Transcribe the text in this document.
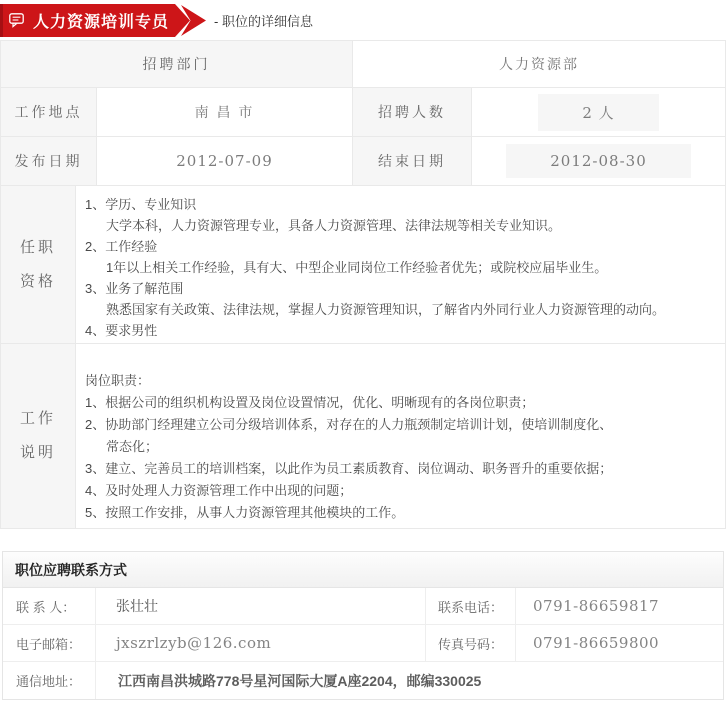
人力资源培训专员	- 职位的详细信息
招聘部门	人力资源部
工作地点	南 昌 市	招聘人数	2 人
发布日期	2012-07-09	结束日期	2012-08-30
任职资格
1、学历、专业知识
大学本科，人力资源管理专业，具备人力资源管理、法律法规等相关专业知识。
2、工作经验
1年以上相关工作经验，具有大、中型企业同岗位工作经验者优先；或院校应届毕业生。
3、业务了解范围
熟悉国家有关政策、法律法规，掌握人力资源管理知识，了解省内外同行业人力资源管理的动向。
4、要求男性
工作说明
岗位职责：
1、根据公司的组织机构设置及岗位设置情况，优化、明晰现有的各岗位职责；
2、协助部门经理建立公司分级培训体系，对存在的人力瓶颈制定培训计划，使培训制度化、
常态化；
3、建立、完善员工的培训档案，以此作为员工素质教育、岗位调动、职务晋升的重要依据；
4、及时处理人力资源管理工作中出现的问题；
5、按照工作安排，从事人力资源管理其他模块的工作。
职位应聘联系方式
联 系 人：	张壮壮	联系电话：	0791-86659817
电子邮箱：	jxszrlzyb@126.com	传真号码：	0791-86659800
通信地址：	江西南昌洪城路778号星河国际大厦A座2204，邮编330025
